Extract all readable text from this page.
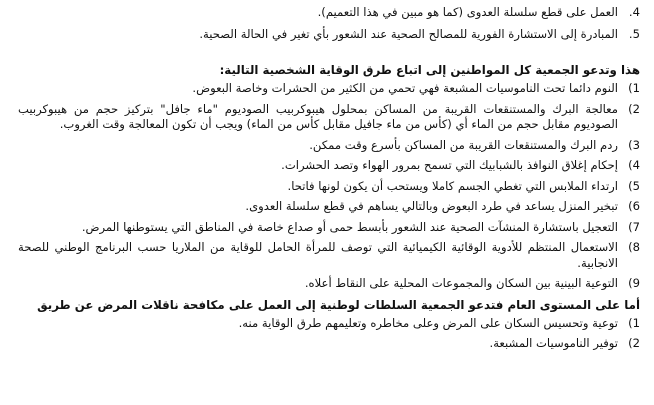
4.
العمل على قطع سلسلة العدوى (كما هو مبين في هذا التعميم).
5.
المبادرة إلى الاستشارة الفورية للمصالح الصحية عند الشعور بأي تغير في الحالة الصحية.
هذا وتدعو الجمعية كل المواطنين إلى اتباع طرق الوقاية الشخصية التالية:
1)
النوم دائما تحت الناموسيات المشبعة فهي تحمي من الكثير من الحشرات وخاصة البعوض.
2)
معالجة البرك والمستنقعات القريبة من المساكن بمحلول هيبوكربيب الصوديوم "ماء جافل" بتركيز حجم من هيبوكربيب الصوديوم مقابل حجم من الماء أي (كأس من ماء جافيل مقابل كأس من الماء) ويجب أن تكون المعالجة وقت الغروب.
3)
ردم البرك والمستنقعات القريبة من المساكن بأسرع وقت ممكن.
4)
إحكام إغلاق النوافذ بالشبابيك التي تسمح بمرور الهواء وتصد الحشرات.
5)
ارتداء الملابس التي تغطي الجسم كاملا ويستحب أن يكون لونها فاتحا.
6)
تبخير المنزل يساعد في طرد البعوض وبالتالي يساهم في قطع سلسلة العدوى.
7)
التعجيل باستشارة المنشآت الصحية عند الشعور بأبسط حمى أو صداع خاصة في المناطق التي يستوطنها المرض.
8)
الاستعمال المنتظم للأدوية الوقائية الكيميائية التي توصف للمرأة الحامل للوقاية من الملاريا حسب البرنامج الوطني للصحة الانجابية.
9)
التوعية البينية بين السكان والمجموعات المحلية على النقاط أعلاه.
أما على المستوى العام فتدعو الجمعية السلطات لوطنية إلى العمل على مكافحة ناقلات المرض عن طريق
1)
توعية وتحسيس السكان على المرض وعلى مخاطره وتعليمهم طرق الوقاية منه.
2)
توفير الناموسيات المشبعة.
